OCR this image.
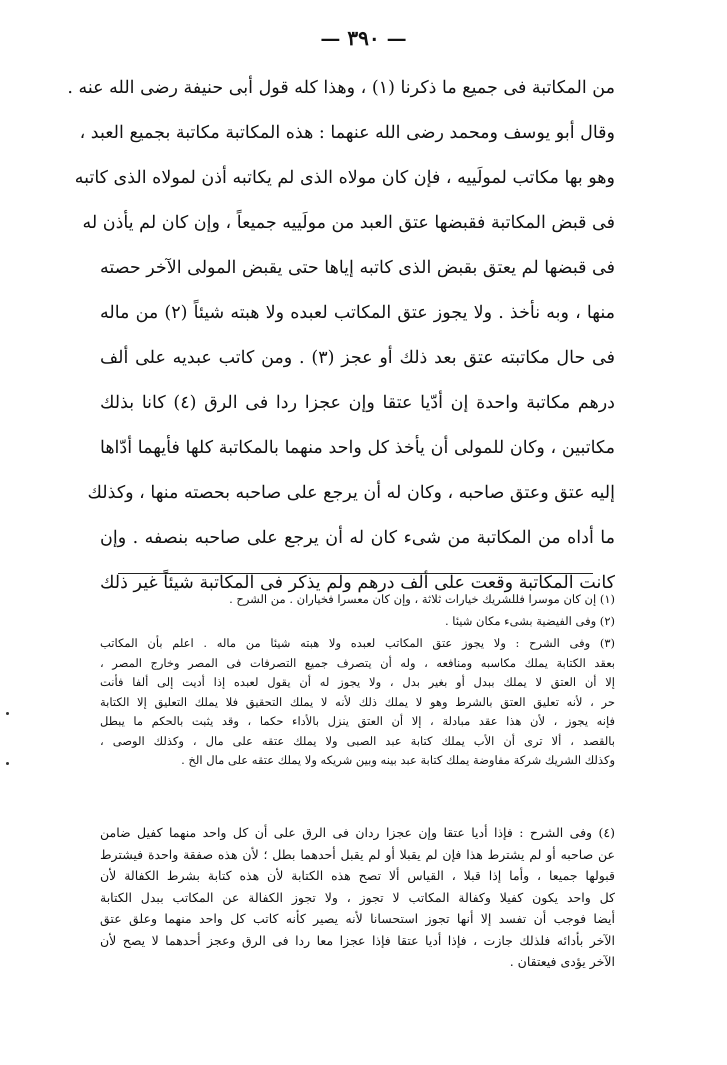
— ٣٩٠ —
من المكاتبة فى جميع ما ذكرنا (١) ، وهذا كله قول أبى حنيفة رضى الله عنه .
وقال أبو يوسف ومحمد رضى الله عنهما : هذه المكاتبة مكاتبة بجميع العبد ،
وهو بها مكاتب لمولَييه ، فإن كان مولاه الذى لم يكاتبه أذن لمولاه الذى كاتبه
فى قبض المكاتبة فقبضها عتق العبد من مولَييه جميعاً ، وإن كان لم يأذن له
فى قبضها لم يعتق بقبض الذى كاتبه إياها حتى يقبض المولى الآخر حصته
منها ، وبه نأخذ . ولا يجوز عتق المكاتب لعبده ولا هبته شيئاً (٢) من ماله
فى حال مكاتبته عتق بعد ذلك أو عجز (٣) . ومن كاتب عبديه على ألف
درهم مكاتبة واحدة إن أدّيا عتقا وإن عجزا ردا فى الرق (٤) كانا بذلك
مكاتبين ، وكان للمولى أن يأخذ كل واحد منهما بالمكاتبة كلها فأيهما أدّاها
إليه عتق وعتق صاحبه ، وكان له أن يرجع على صاحبه بحصته منها ، وكذلك
ما أداه من المكاتبة من شىء كان له أن يرجع على صاحبه بنصفه . وإن
كانت المكاتبة وقعت على ألف درهم ولم يذكر فى المكاتبة شيئاً غير ذلك
(١) إن كان موسرا فللشريك خيارات ثلاثة ، وإن كان معسرا فخياران . من الشرح .
(٢) وفى الفيضية بشىء مكان شيئا .
(٣) وفى الشرح : ولا يجوز عتق المكاتب لعبده ولا هبته شيئا من ماله . اعلم بأن المكاتب
بعقد الكتابة يملك مكاسبه ومنافعه ، وله أن يتصرف جميع التصرفات فى المصر وخارج المصر ،
إلا أن العتق لا يملك ببدل أو بغير بدل ، ولا يجوز له أن يقول لعبده إذا أديت إلى ألفا فأنت
حر ، لأنه تعليق العتق بالشرط وهو لا يملك ذلك لأنه لا يملك التحقيق فلا يملك التعليق إلا الكتابة
فإنه يجوز ، لأن هذا عقد مبادلة ، إلا أن العتق ينزل بالأداء حكما ، وقد يثبت بالحكم ما يبطل
بالقصد ، ألا ترى أن الأب يملك كتابة عبد الصبى ولا يملك عتقه على مال ، وكذلك الوصى ،
وكذلك الشريك شركة مفاوضة يملك كتابة عبد بينه وبين شريكه ولا يملك عتقه على مال الخ .
(٤) وفى الشرح : فإذا أديا عتقا وإن عجزا ردان فى الرق على أن كل واحد منهما كفيل ضامن
عن صاحبه أو لم يشترط هذا فإن لم يقبلا أو لم يقبل أحدهما بطل ؛ لأن هذه صفقة واحدة فيشترط
قبولها جميعا ، وأما إذا قبلا ، القياس ألا تصح هذه الكتابة لأن هذه كتابة بشرط الكفالة لأن
كل واحد يكون كفيلا وكفالة المكاتب لا تجوز ، ولا تجوز الكفالة عن المكاتب ببدل الكتابة
أيضا فوجب أن تفسد إلا أنها تجوز استحسانا لأنه يصير كأنه كاتب كل واحد منهما وعلق عتق
الآخر بأدائه فلذلك جازت ، فإذا أديا عتقا فإذا عجزا معا ردا فى الرق وعجز أحدهما لا يصح لأن
الآخر يؤدى فيعتقان .
